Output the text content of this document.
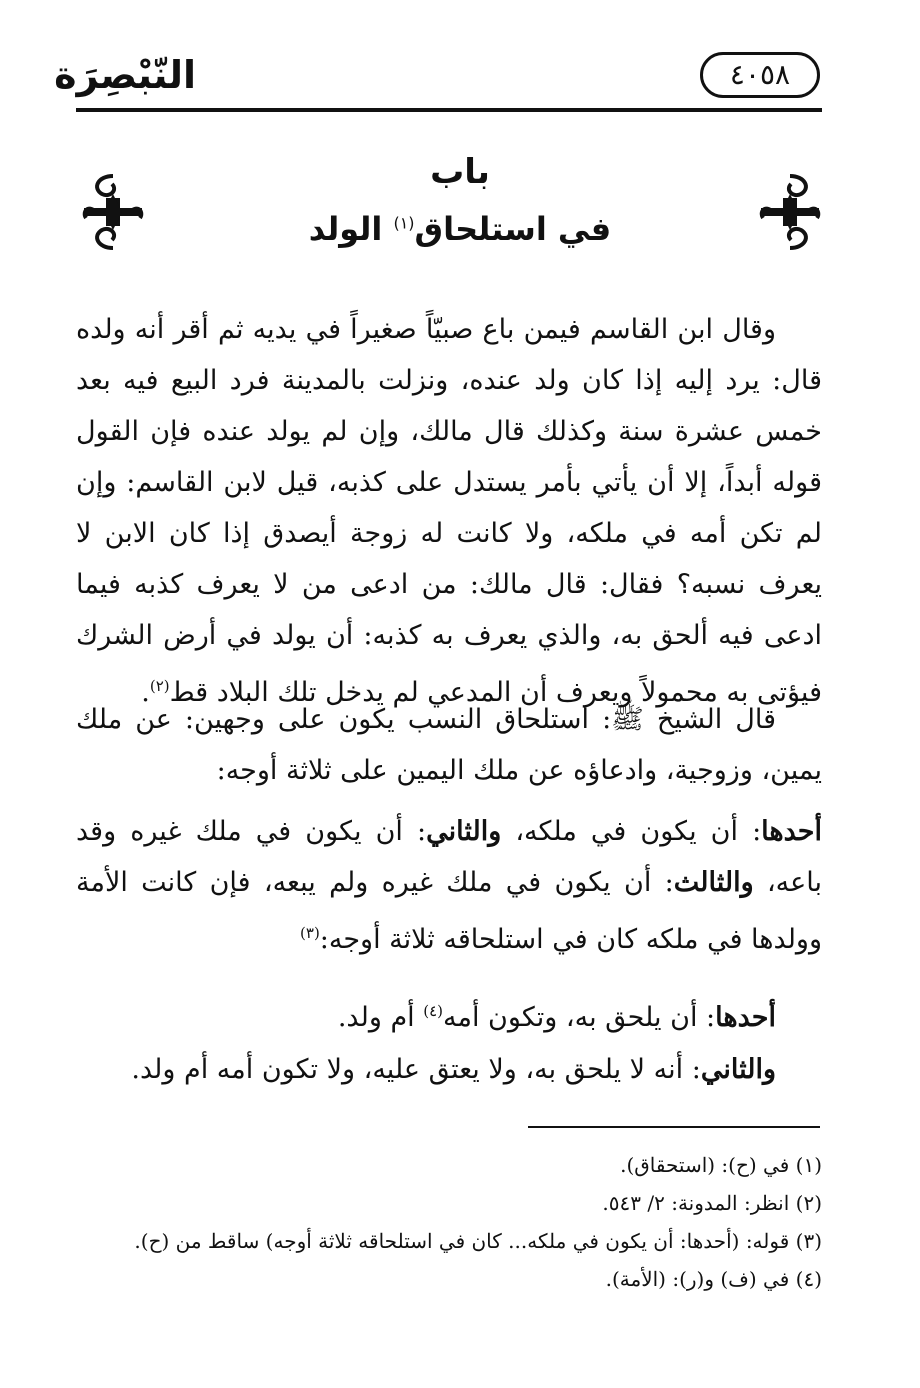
النّبْصِرَة	٤٠٥٨
باب
في استلحاق$^{(١)}$ الولد

وقال ابن القاسم فيمن باع صبيّاً صغيراً في يديه ثم أقر أنه ولده قال: يرد إليه إذا كان ولد عنده، ونزلت بالمدينة فرد البيع فيه بعد خمس عشرة سنة وكذلك قال مالك، وإن لم يولد عنده فإن القول قوله أبداً، إلا أن يأتي بأمر يستدل على كذبه، قيل لابن القاسم: وإن لم تكن أمه في ملكه، ولا كانت له زوجة أيصدق إذا كان الابن لا يعرف نسبه؟ فقال: قال مالك: من ادعى من لا يعرف كذبه فيما ادعى فيه ألحق به، والذي يعرف به كذبه: أن يولد في أرض الشرك فيؤتى به محمولاً ويعرف أن المدعي لم يدخل تلك البلاد قط$^{(٢)}$.

قال الشيخ ﷺ: استلحاق النسب يكون على وجهين: عن ملك يمين، وزوجية، وادعاؤه عن ملك اليمين على ثلاثة أوجه:

أحدها: أن يكون في ملكه، والثاني: أن يكون في ملك غيره وقد باعه، والثالث: أن يكون في ملك غيره ولم يبعه، فإن كانت الأمة وولدها في ملكه كان في استلحاقه ثلاثة أوجه:$^{(٣)}$

أحدها: أن يلحق به، وتكون أمه$^{(٤)}$ أم ولد.

والثاني: أنه لا يلحق به، ولا يعتق عليه، ولا تكون أمه أم ولد.

(١) في (ح): (استحقاق).

(٢) انظر: المدونة: ٢/ ٥٤٣.

(٣) قوله: (أحدها: أن يكون في ملكه... كان في استلحاقه ثلاثة أوجه) ساقط من (ح).

(٤) في (ف) و(ر): (الأمة).
